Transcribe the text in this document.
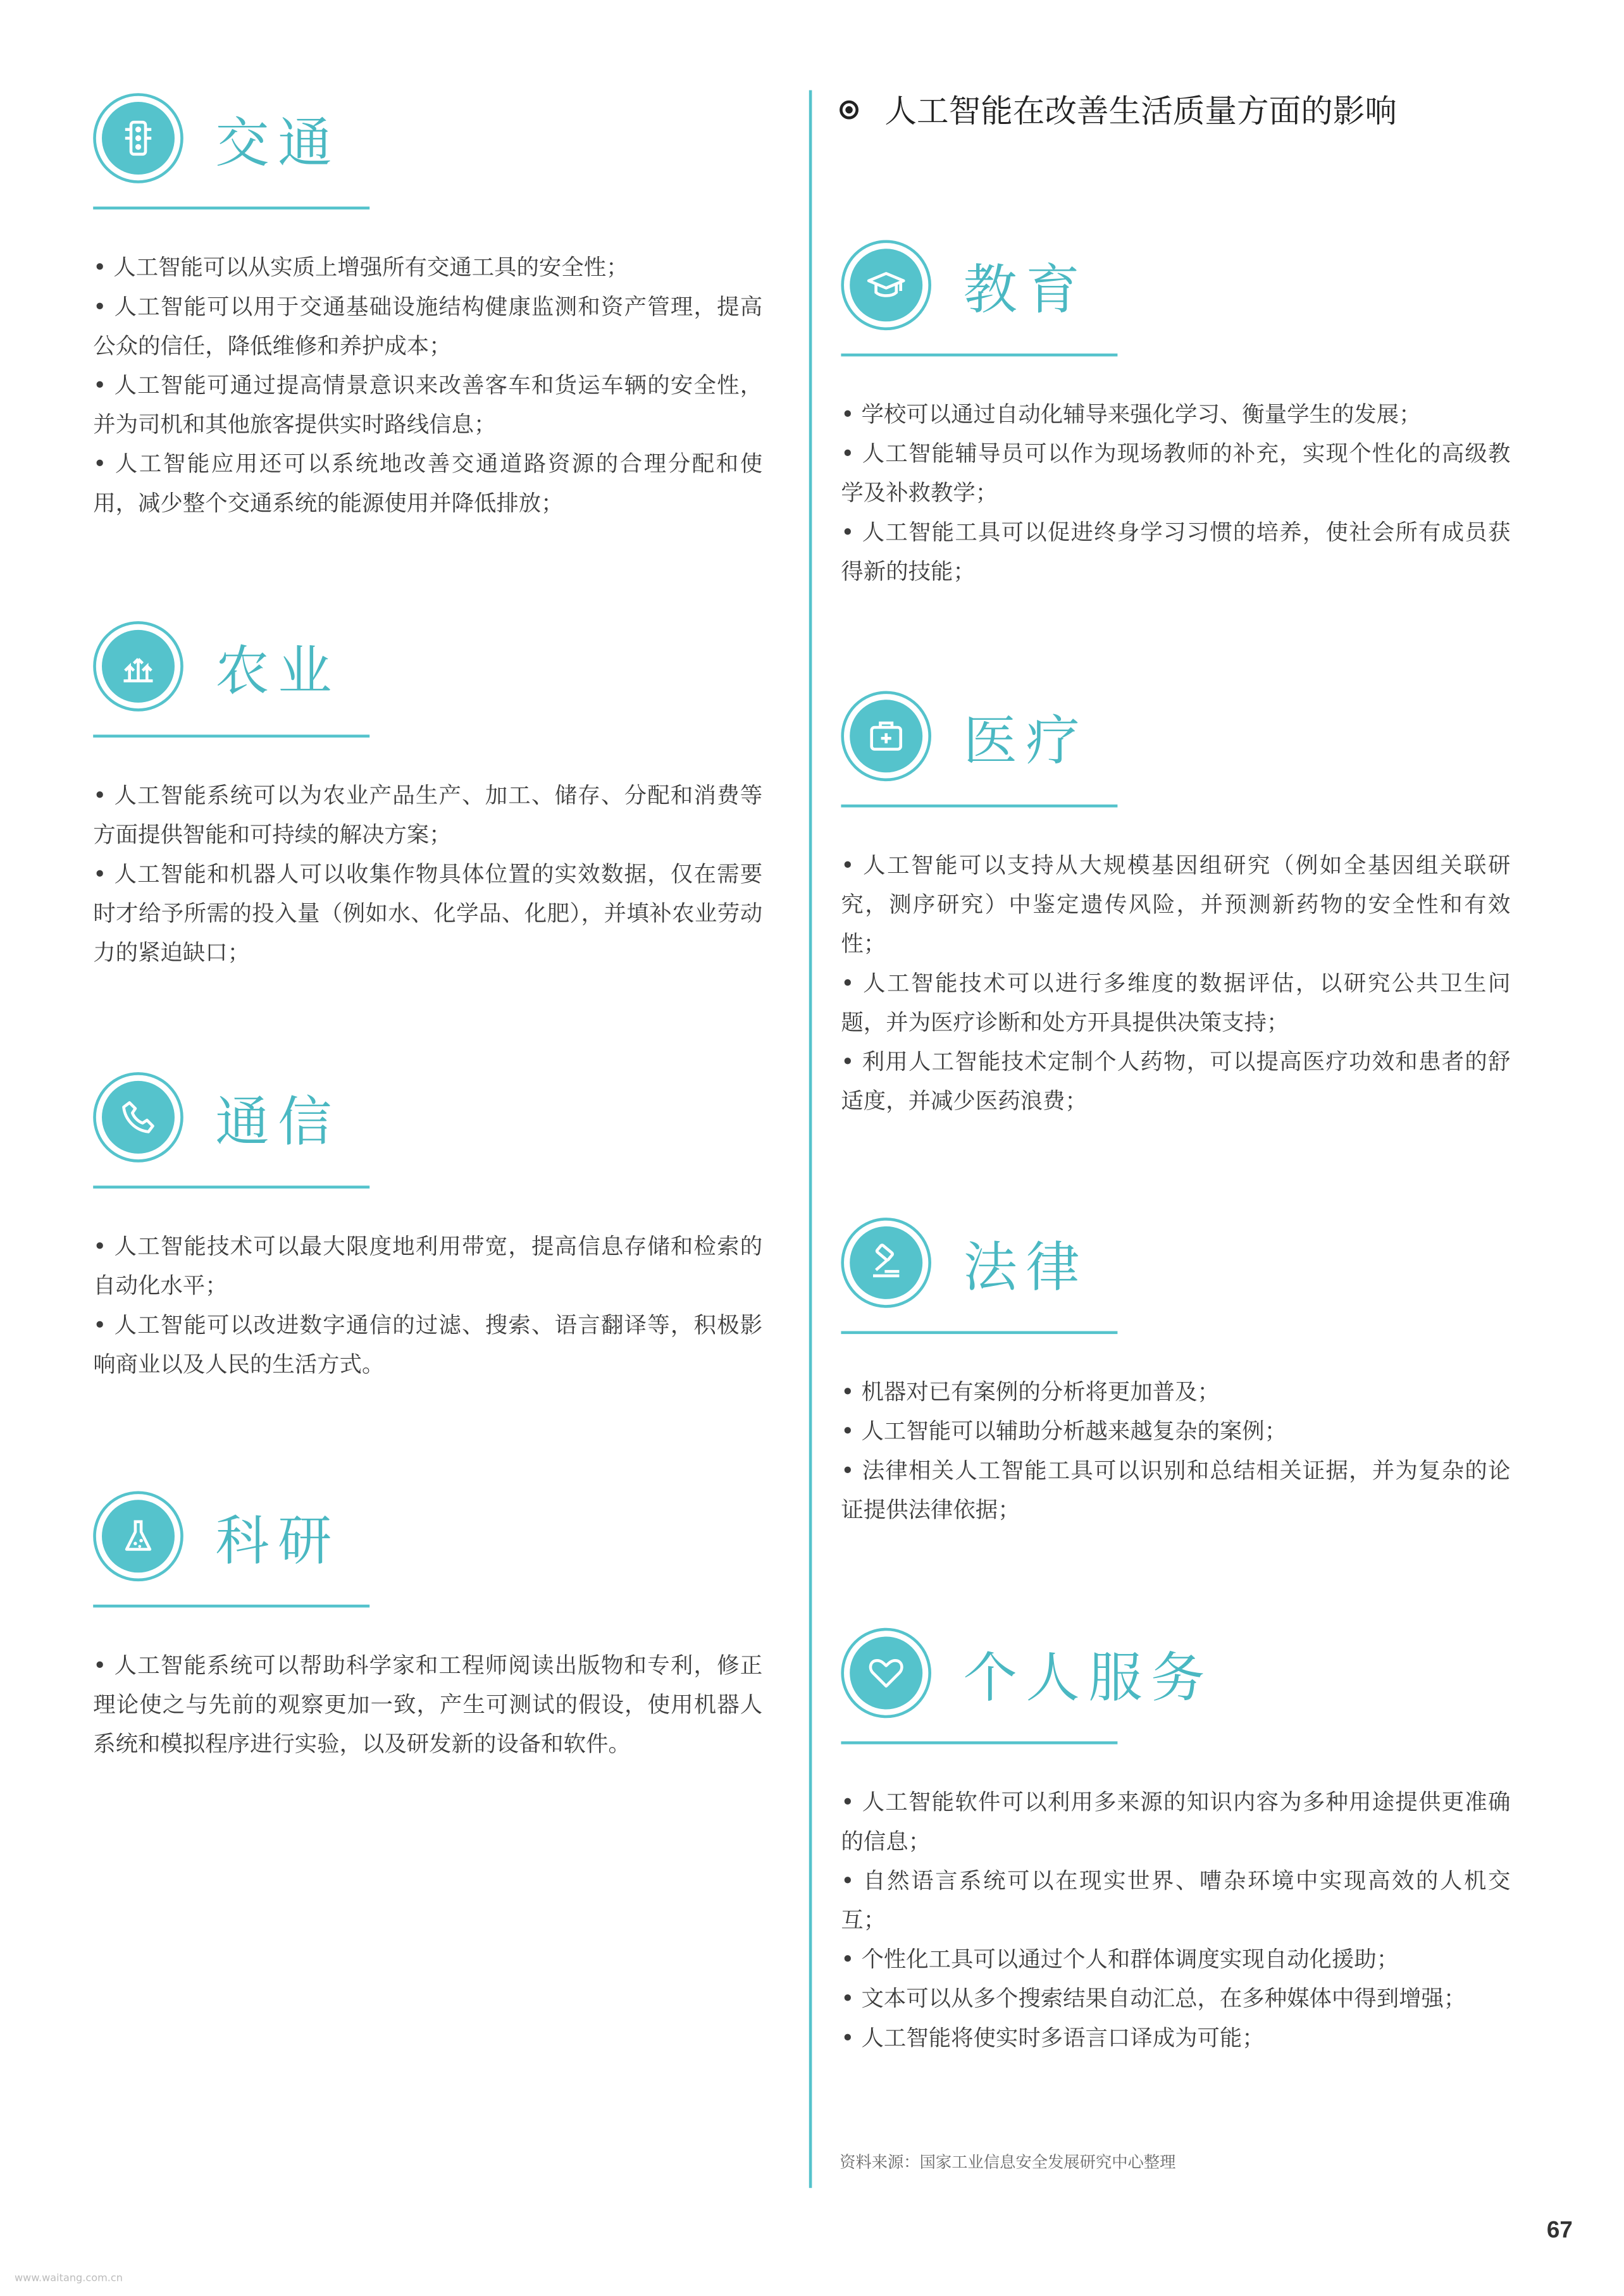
人工智能在改善生活质量方面的影响
交通
• 人工智能可以从实质上增强所有交通工具的安全性；
• 人工智能可以用于交通基础设施结构健康监测和资产管理，提高公众的信任，降低维修和养护成本；
• 人工智能可通过提高情景意识来改善客车和货运车辆的安全性，并为司机和其他旅客提供实时路线信息；
• 人工智能应用还可以系统地改善交通道路资源的合理分配和使用，减少整个交通系统的能源使用并降低排放；
农业
• 人工智能系统可以为农业产品生产、加工、储存、分配和消费等方面提供智能和可持续的解决方案；
• 人工智能和机器人可以收集作物具体位置的实效数据，仅在需要时才给予所需的投入量（例如水、化学品、化肥），并填补农业劳动力的紧迫缺口；
通信
• 人工智能技术可以最大限度地利用带宽，提高信息存储和检索的自动化水平；
• 人工智能可以改进数字通信的过滤、搜索、语言翻译等，积极影响商业以及人民的生活方式。
科研
• 人工智能系统可以帮助科学家和工程师阅读出版物和专利，修正理论使之与先前的观察更加一致，产生可测试的假设，使用机器人系统和模拟程序进行实验，以及研发新的设备和软件。
教育
• 学校可以通过自动化辅导来强化学习、衡量学生的发展；
• 人工智能辅导员可以作为现场教师的补充，实现个性化的高级教学及补救教学；
• 人工智能工具可以促进终身学习习惯的培养，使社会所有成员获得新的技能；
医疗
• 人工智能可以支持从大规模基因组研究（例如全基因组关联研究，测序研究）中鉴定遗传风险，并预测新药物的安全性和有效性；
• 人工智能技术可以进行多维度的数据评估，以研究公共卫生问题，并为医疗诊断和处方开具提供决策支持；
• 利用人工智能技术定制个人药物，可以提高医疗功效和患者的舒适度，并减少医药浪费；
法律
• 机器对已有案例的分析将更加普及；
• 人工智能可以辅助分析越来越复杂的案例；
• 法律相关人工智能工具可以识别和总结相关证据，并为复杂的论证提供法律依据；
个人服务
• 人工智能软件可以利用多来源的知识内容为多种用途提供更准确的信息；
• 自然语言系统可以在现实世界、嘈杂环境中实现高效的人机交互；
• 个性化工具可以通过个人和群体调度实现自动化援助；
• 文本可以从多个搜索结果自动汇总，在多种媒体中得到增强；
• 人工智能将使实时多语言口译成为可能；
资料来源：国家工业信息安全发展研究中心整理
67
www.waitang.com.cn
